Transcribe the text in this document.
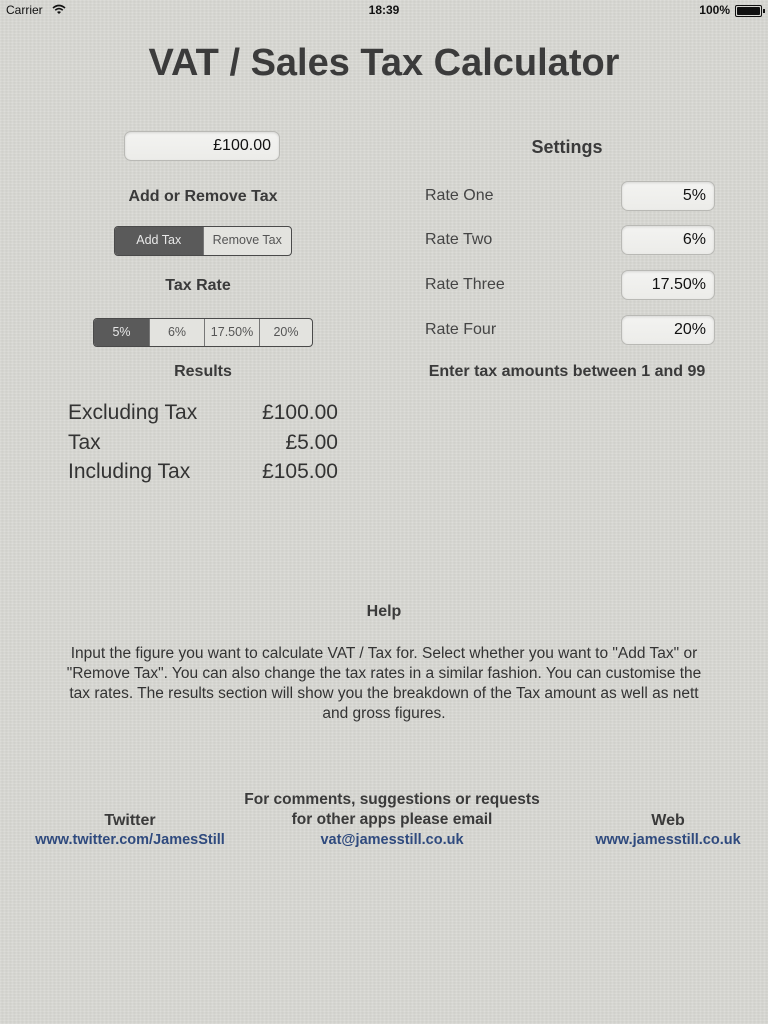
Carrier	18:39	100%
VAT / Sales Tax Calculator
£100.00
Add or Remove Tax
Add Tax	Remove Tax
Tax Rate
5%	6%	17.50%	20%
Results
Excluding Tax	£100.00
Tax	£5.00
Including Tax	£105.00
Settings
Rate One
5%
Rate Two
6%
Rate Three
17.50%
Rate Four
20%
Enter tax amounts between 1 and 99
Help
Input the figure you want to calculate VAT / Tax for. Select whether you want to "Add Tax" or "Remove Tax". You can also change the tax rates in a similar fashion. You can customise the tax rates. The results section will show you the breakdown of the Tax amount as well as nett and gross figures.
For comments, suggestions or requests
for other apps please email
vat@jamesstill.co.uk
Twitter
www.twitter.com/JamesStill
Web
www.jamesstill.co.uk
